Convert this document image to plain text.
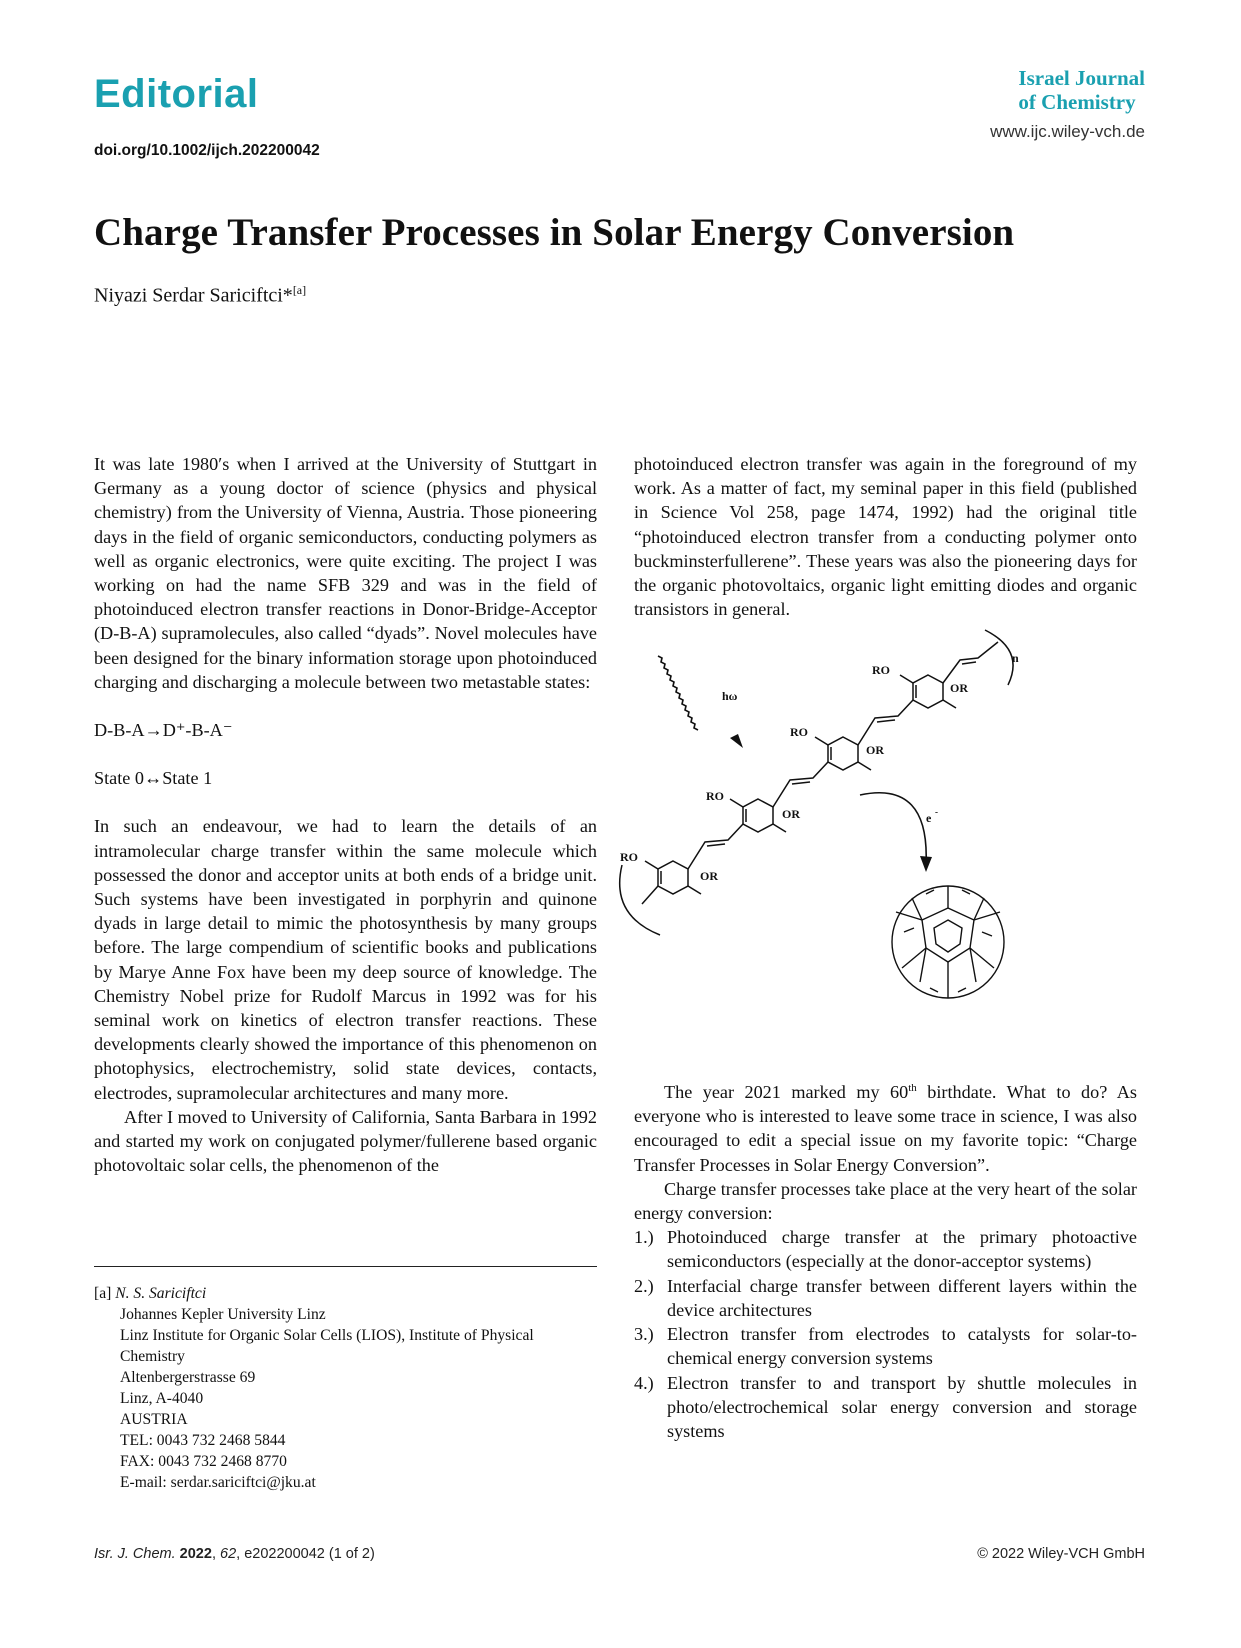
Editorial
doi.org/10.1002/ijch.202200042
Israel Journal
of Chemistry
www.ijc.wiley-vch.de
Charge Transfer Processes in Solar Energy Conversion
Niyazi Serdar Sariciftci*[a]

It was late 1980′s when I arrived at the University of Stuttgart in Germany as a young doctor of science (physics and physical chemistry) from the University of Vienna, Austria. Those pioneering days in the field of organic semiconductors, conducting polymers as well as organic electronics, were quite exciting. The project I was working on had the name SFB 329 and was in the field of photoinduced electron transfer reactions in Donor-Bridge-Acceptor (D-B-A) supramolecules, also called “dyads”. Novel molecules have been designed for the binary information storage upon photoinduced charging and discharging a molecule between two metastable states:

D-B-A→D⁺-B-A⁻

State 0↔State 1

In such an endeavour, we had to learn the details of an intramolecular charge transfer within the same molecule which possessed the donor and acceptor units at both ends of a bridge unit. Such systems have been investigated in porphyrin and quinone dyads in large detail to mimic the photosynthesis by many groups before. The large compendium of scientific books and publications by Marye Anne Fox have been my deep source of knowledge. The Chemistry Nobel prize for Rudolf Marcus in 1992 was for his seminal work on kinetics of electron transfer reactions. These developments clearly showed the importance of this phenomenon on photophysics, electrochemistry, solid state devices, contacts, electrodes, supramolecular architectures and many more.

After I moved to University of California, Santa Barbara in 1992 and started my work on conjugated polymer/fullerene based organic photovoltaic solar cells, the phenomenon of the

photoinduced electron transfer was again in the foreground of my work. As a matter of fact, my seminal paper in this field (published in Science Vol 258, page 1474, 1992) had the original title “photoinduced electron transfer from a conducting polymer onto buckminsterfullerene”. These years was also the pioneering days for the organic photovoltaics, organic light emitting diodes and organic transistors in general.

hω
RO
OR
RO
OR
RO
OR
RO
OR
n
e -

The year 2021 marked my 60th birthdate. What to do? As everyone who is interested to leave some trace in science, I was also encouraged to edit a special issue on my favorite topic: “Charge Transfer Processes in Solar Energy Conversion”.

Charge transfer processes take place at the very heart of the solar energy conversion:

1.) Photoinduced charge transfer at the primary photoactive semiconductors (especially at the donor-acceptor systems)
2.) Interfacial charge transfer between different layers within the device architectures
3.) Electron transfer from electrodes to catalysts for solar-to-chemical energy conversion systems
4.) Electron transfer to and transport by shuttle molecules in photo/electrochemical solar energy conversion and storage systems
[a] N. S. Sariciftci
Johannes Kepler University Linz
Linz Institute for Organic Solar Cells (LIOS), Institute of Physical
Chemistry
Altenbergerstrasse 69
Linz, A-4040
AUSTRIA
TEL: 0043 732 2468 5844
FAX: 0043 732 2468 8770
E-mail: serdar.sariciftci@jku.at
Isr. J. Chem. 2022, 62, e202200042 (1 of 2)	© 2022 Wiley-VCH GmbH
